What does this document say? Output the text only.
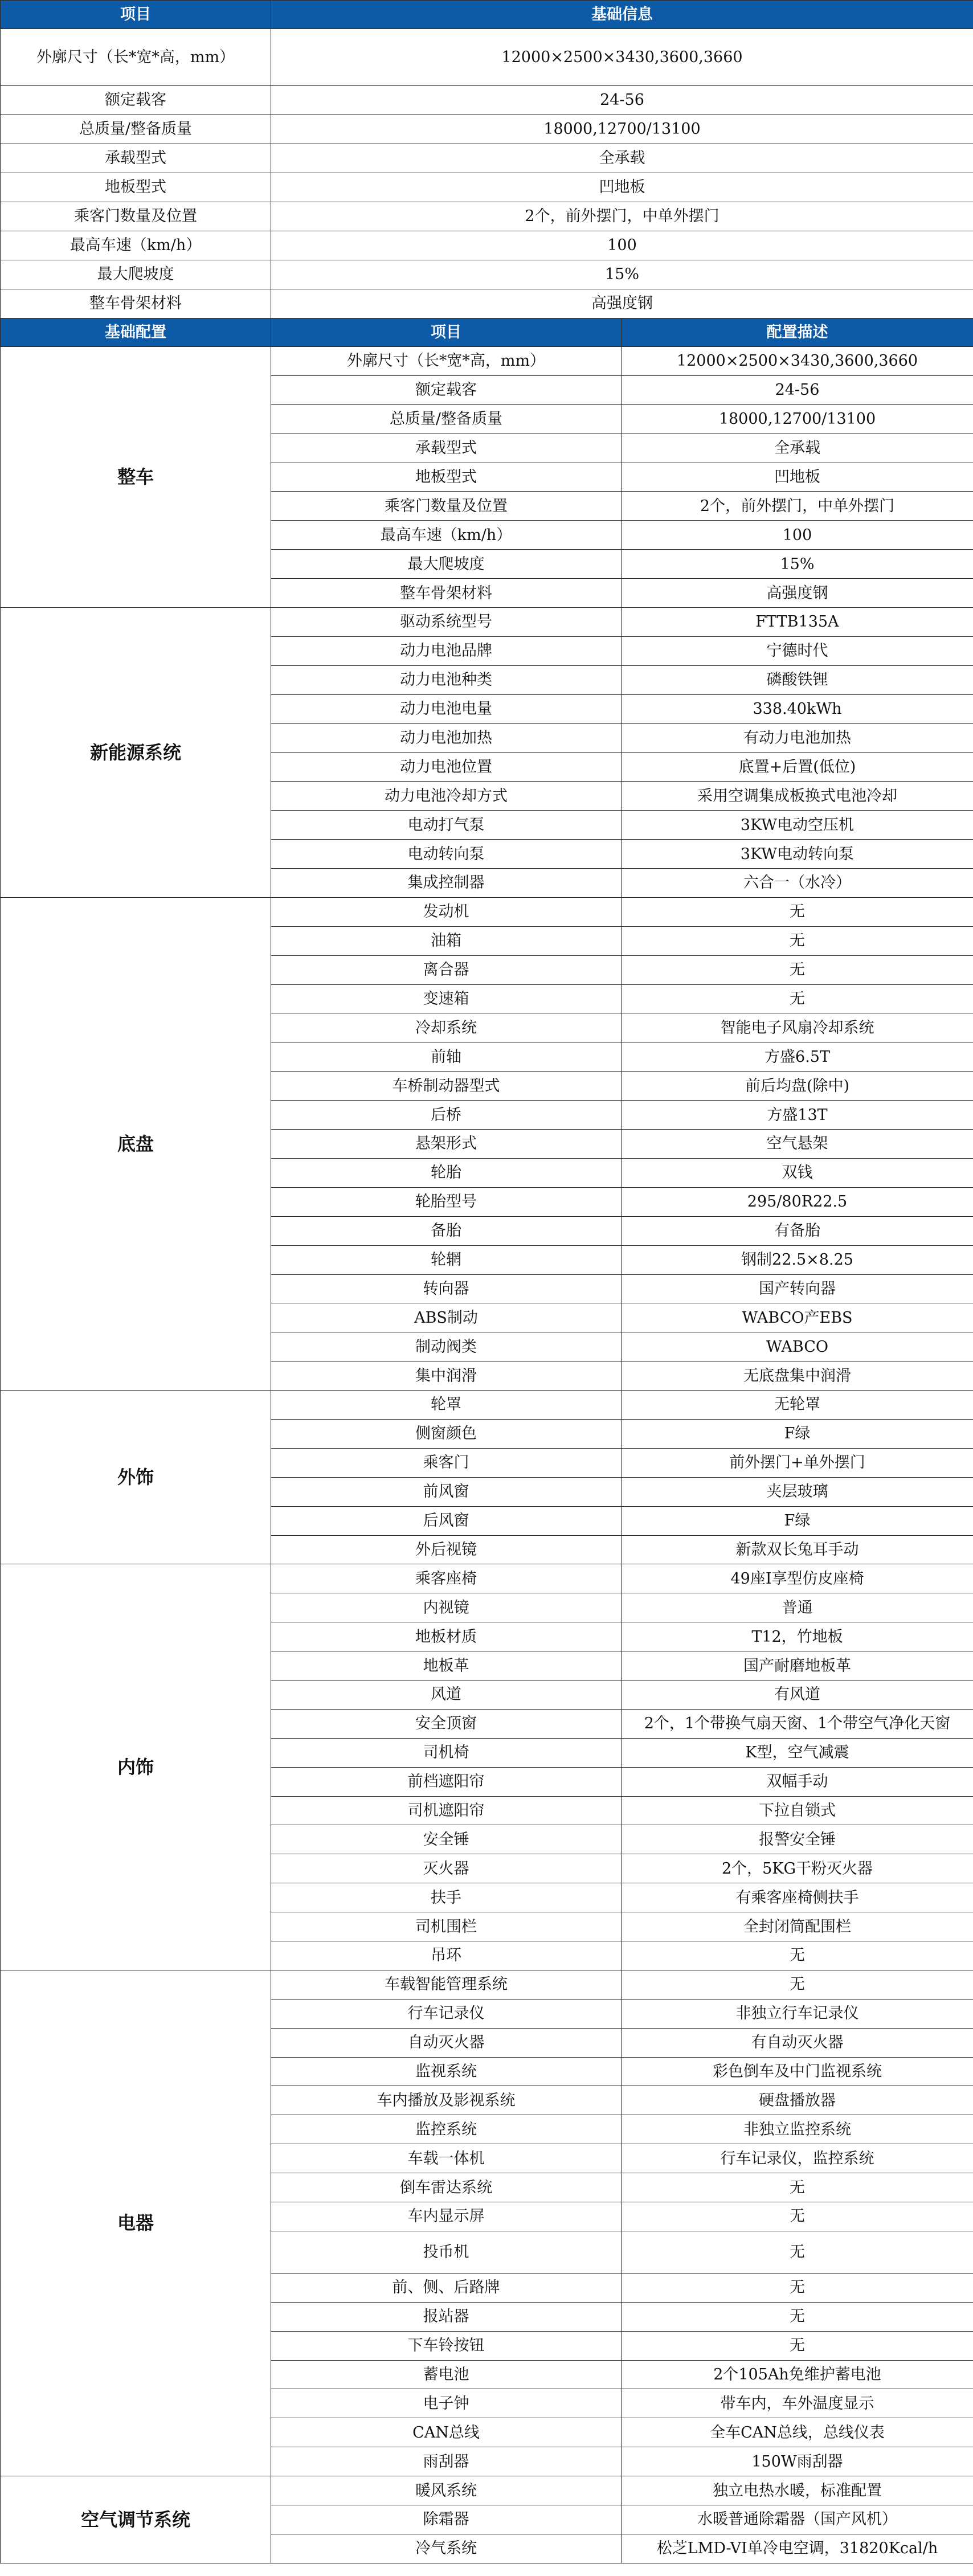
项目	基础信息	
外廓尺寸（长*宽*高，mm）	12000×2500×3430,3600,3660	
额定载客	24-56	
总质量/整备质量	18000,12700/13100	
承载型式	全承载	
地板型式	凹地板	
乘客门数量及位置	2个，前外摆门，中单外摆门	
最高车速（km/h）	100	
最大爬坡度	15%	
整车骨架材料	高强度钢	
基础配置	项目	配置描述
整车	外廓尺寸（长*宽*高，mm）	12000×2500×3430,3600,3660
	额定载客	24-56
	总质量/整备质量	18000,12700/13100
	承载型式	全承载
	地板型式	凹地板
	乘客门数量及位置	2个，前外摆门，中单外摆门
	最高车速（km/h）	100
	最大爬坡度	15%
	整车骨架材料	高强度钢
新能源系统	驱动系统型号	FTTB135A
	动力电池品牌	宁德时代
	动力电池种类	磷酸铁锂
	动力电池电量	338.40kWh
	动力电池加热	有动力电池加热
	动力电池位置	底置+后置(低位)
	动力电池冷却方式	采用空调集成板换式电池冷却
	电动打气泵	3KW电动空压机
	电动转向泵	3KW电动转向泵
	集成控制器	六合一（水冷）
底盘	发动机	无
	油箱	无
	离合器	无
	变速箱	无
	冷却系统	智能电子风扇冷却系统
	前轴	方盛6.5T
	车桥制动器型式	前后均盘(除中)
	后桥	方盛13T
	悬架形式	空气悬架
	轮胎	双钱
	轮胎型号	295/80R22.5
	备胎	有备胎
	轮辋	钢制22.5×8.25
	转向器	国产转向器
	ABS制动	WABCO产EBS
	制动阀类	WABCO
	集中润滑	无底盘集中润滑
外饰	轮罩	无轮罩
	侧窗颜色	F绿
	乘客门	前外摆门+单外摆门
	前风窗	夹层玻璃
	后风窗	F绿
	外后视镜	新款双长兔耳手动
内饰	乘客座椅	49座I享型仿皮座椅
	内视镜	普通
	地板材质	T12，竹地板
	地板革	国产耐磨地板革
	风道	有风道
	安全顶窗	2个，1个带换气扇天窗、1个带空气净化天窗
	司机椅	K型，空气减震
	前档遮阳帘	双幅手动
	司机遮阳帘	下拉自锁式
	安全锤	报警安全锤
	灭火器	2个，5KG干粉灭火器
	扶手	有乘客座椅侧扶手
	司机围栏	全封闭简配围栏
	吊环	无
电器	车载智能管理系统	无
	行车记录仪	非独立行车记录仪
	自动灭火器	有自动灭火器
	监视系统	彩色倒车及中门监视系统
	车内播放及影视系统	硬盘播放器
	监控系统	非独立监控系统
	车载一体机	行车记录仪，监控系统
	倒车雷达系统	无
	车内显示屏	无
	投币机	无
	前、侧、后路牌	无
	报站器	无
	下车铃按钮	无
	蓄电池	2个105Ah免维护蓄电池
	电子钟	带车内，车外温度显示
	CAN总线	全车CAN总线，总线仪表
	雨刮器	150W雨刮器
空气调节系统	暖风系统	独立电热水暖，标准配置
	除霜器	水暖普通除霜器（国产风机）
	冷气系统	松芝LMD-VI单冷电空调，31820Kcal/h
